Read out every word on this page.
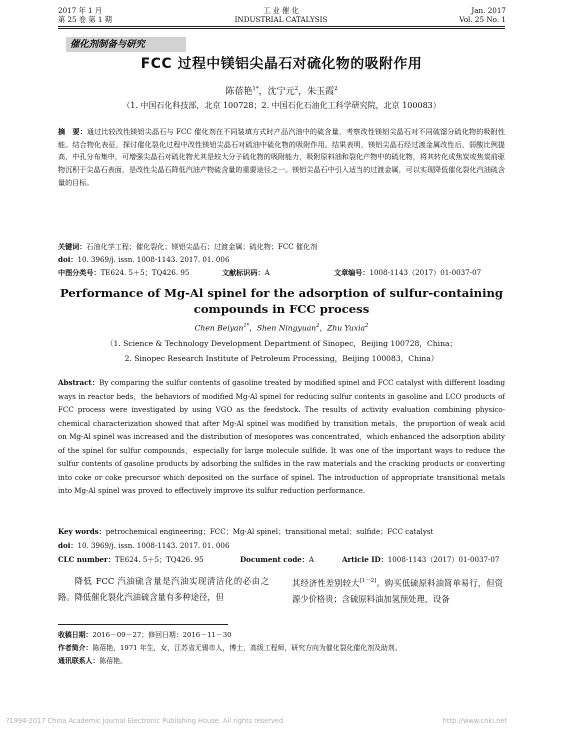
2017 年 1 月
第 25 卷 第 1 期
工 业 催 化
INDUSTRIAL CATALYSIS
Jan. 2017
Vol. 25 No. 1
催化剂制备与研究
FCC 过程中镁铝尖晶石对硫化物的吸附作用
陈蓓艳$^{1*}$，沈宁元$^2$，朱玉霞$^2$
（1. 中国石化科技部，北京 100728；2. 中国石化石油化工科学研究院，北京 100083）
摘　要：通过比较改性镁铝尖晶石与 FCC 催化剂在不同装填方式时产品汽油中的硫含量，考察改性镁铝尖晶石对不同硫馏分硫化物的吸附性能。结合物化表征，探讨催化裂化过程中改性镁铝尖晶石对硫油中硫化物的吸附作用。结果表明，镁铝尖晶石经过渡金属改性后，弱酸比例提高，中孔分布集中，可增强尖晶石对硫化物尤其是较大分子硫化物的吸附能力，吸附原料油和裂化产物中的硫化物，将其转化成焦炭或焦炭前驱物沉积于尖晶石表面，是改性尖晶石降低汽油产物硫含量的重要途径之一。镁铝尖晶石中引入适当的过渡金属，可以实现降低催化裂化汽油硫含量的目标。
关键词：石油化学工程；催化裂化；镁铝尖晶石；过渡金属；硫化物；FCC 催化剂
doi：10. 3969/j. issn. 1008-1143. 2017. 01. 006
中图分类号：TE624. 5＋5；TQ426. 95	文献标识码：A	文章编号：1008-1143（2017）01-0037-07
Performance of Mg-Al spinel for the adsorption of sulfur-containing compounds in FCC process
Chen Beiyan$^{1*}$，Shen Ningyuan$^2$，Zhu Yuxia$^2$
（1. Science & Technology Development Department of Sinopec，Beijing 100728，China；
2. Sinopec Research Institute of Petroleum Processing，Beijing 100083，China）
Abstract：By comparing the sulfur contents of gasoline treated by modified spinel and FCC catalyst with different loading ways in reactor beds，the behaviors of modified Mg-Al spinel for reducing sulfur contents in gasoline and LCO products of FCC process were investigated by using VGO as the feedstock. The results of activity evaluation combining physico-chemical characterization showed that after Mg-Al spinel was modified by transition metals，the proportion of weak acid on Mg-Al spinel was increased and the distribution of mesopores was concentrated，which enhanced the adsorption ability of the spinel for sulfur compounds，especially for large molecule sulfide. It was one of the important ways to reduce the sulfur contents of gasoline products by adsorbing the sulfides in the raw materials and the cracking products or converting into coke or coke precursor which deposited on the surface of spinel. The introduction of appropriate transitional metals into Mg-Al spinel was proved to effectively improve its sulfur reduction performance.
Key words：petrochemical engineering；FCC；Mg-Al spinel；transitional metal；sulfide；FCC catalyst
doi：10. 3969/j. issn. 1008-1143. 2017. 01. 006
CLC number：TE624. 5＋5；TQ426. 95	Document code：A	Article ID：1008-1143（2017）01-0037-07
降低 FCC 汽油硫含量是汽油实现清洁化的必由之路。降低催化裂化汽油硫含量有多种途径，但
其经济性差别较大[1－2]。购买低硫原料油简单易行，但资源少价格贵；含硫原料油加氢预处理，设备
收稿日期：2016－09－27；修回日期：2016－11－30
作者简介：陈蓓艳，1971 年生，女，江苏省无锡市人，博士，高级工程师，研究方向为催化裂化催化剂及助剂。
通讯联系人：陈蓓艳。
?1994-2017 China Academic Journal Electronic Publishing House. All rights reserved.	http://www.cnki.net
